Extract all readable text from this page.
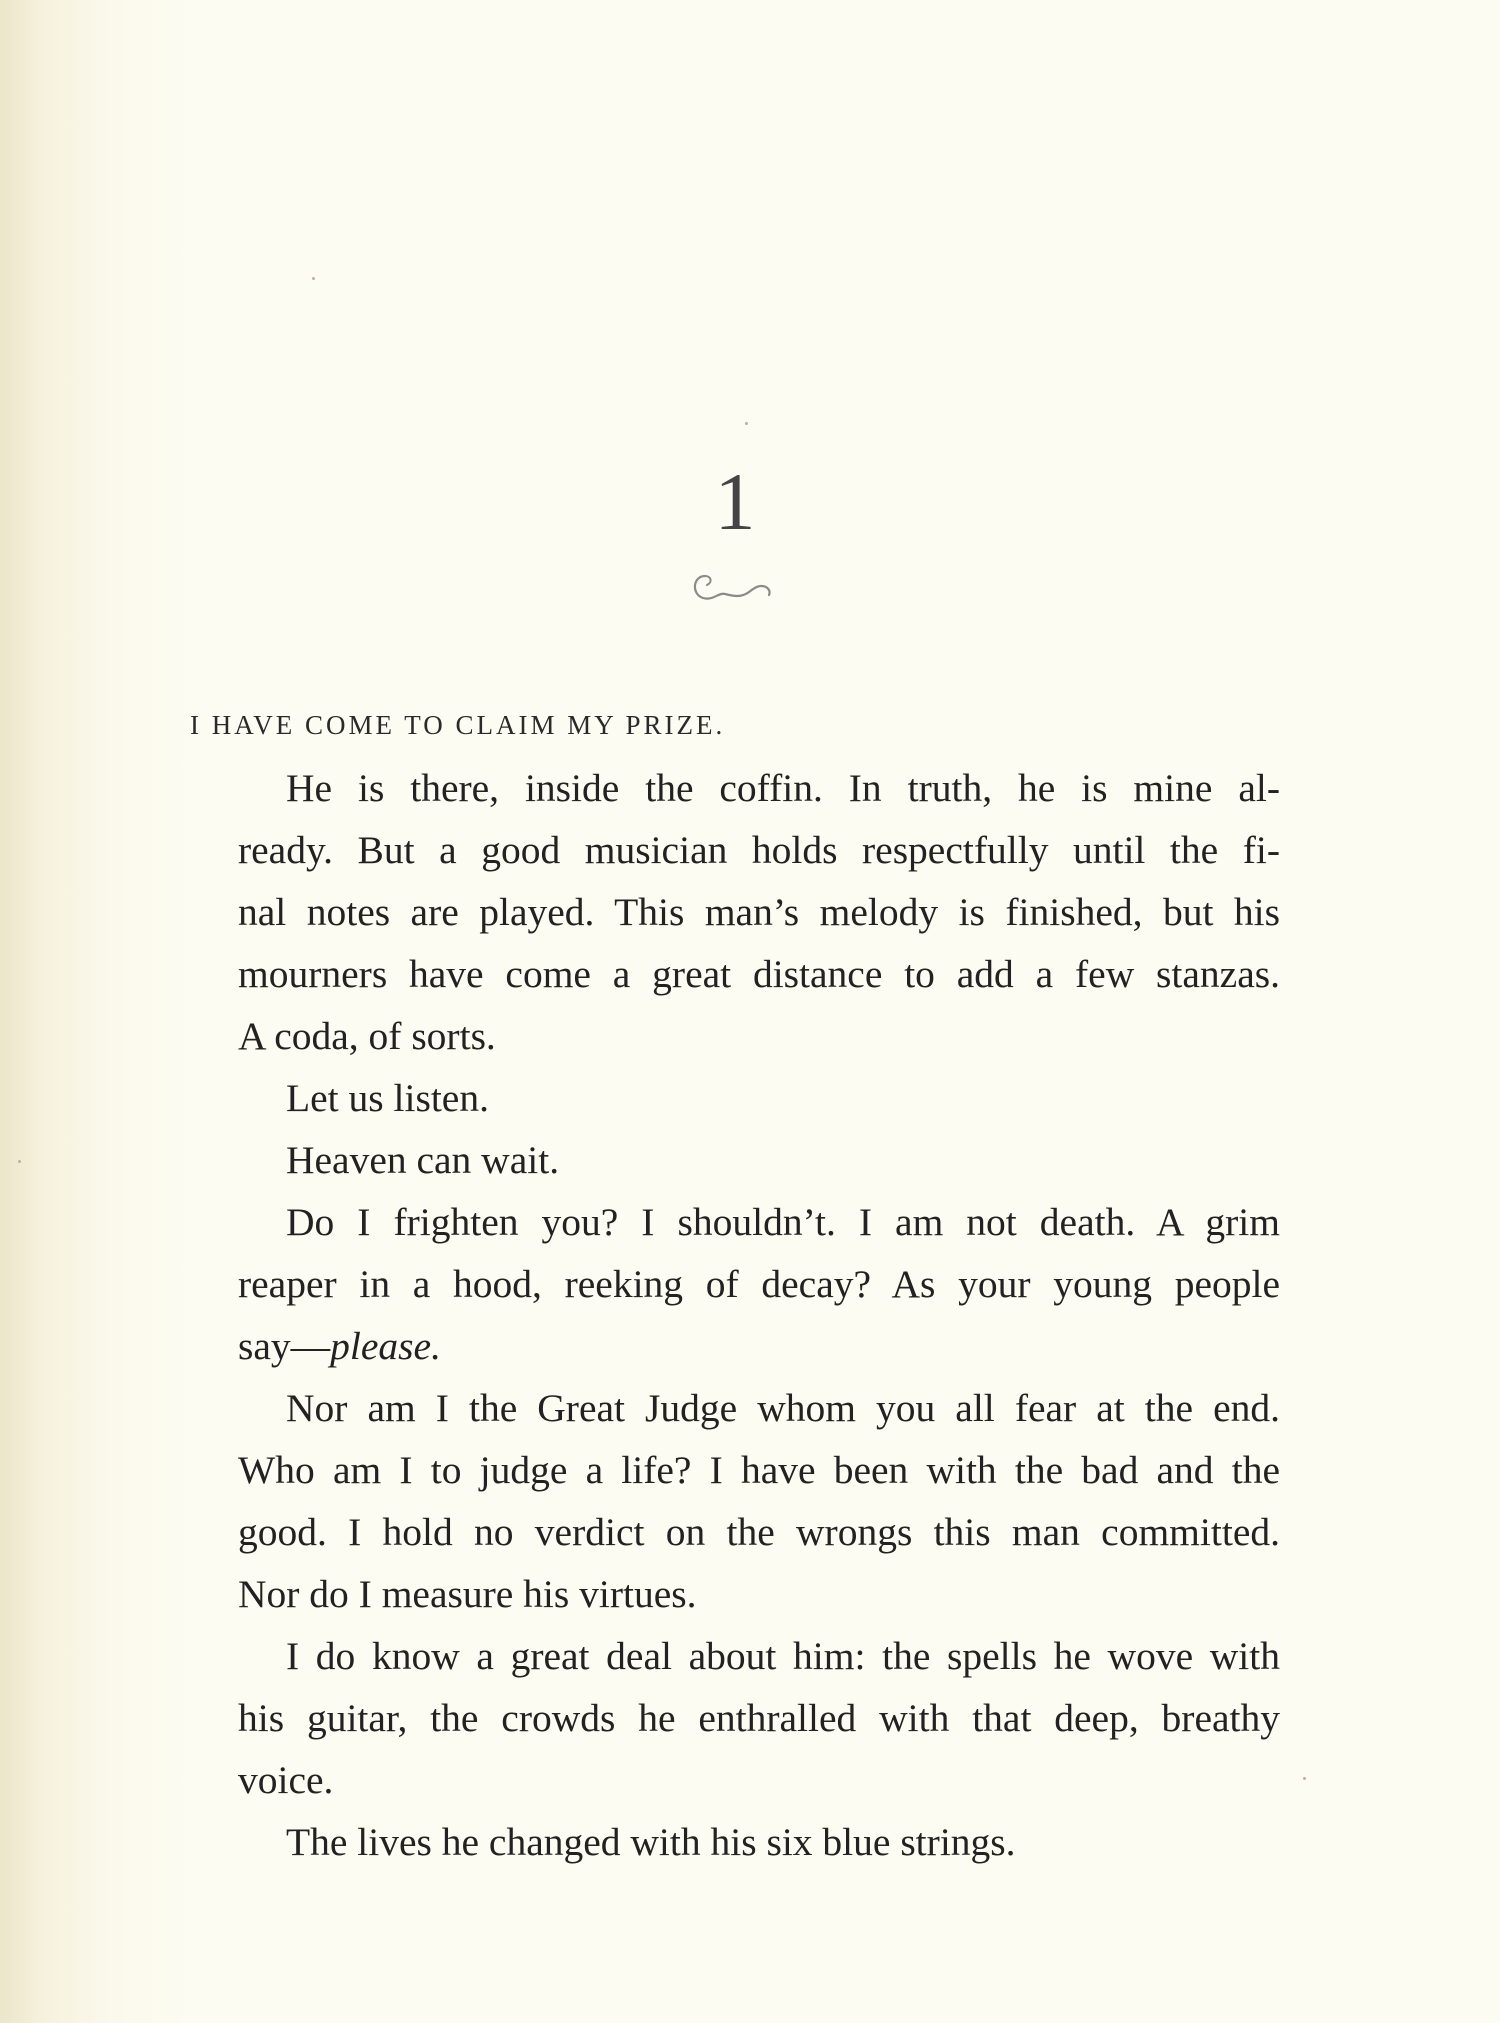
1
I HAVE COME TO CLAIM MY PRIZE.
He is there, inside the coffin. In truth, he is mine al-
ready. But a good musician holds respectfully until the fi-
nal notes are played. This man’s melody is finished, but his
mourners have come a great distance to add a few stanzas.
A coda, of sorts.
Let us listen.
Heaven can wait.
Do I frighten you? I shouldn’t. I am not death. A grim
reaper in a hood, reeking of decay? As your young people
say—please.
Nor am I the Great Judge whom you all fear at the end.
Who am I to judge a life? I have been with the bad and the
good. I hold no verdict on the wrongs this man committed.
Nor do I measure his virtues.
I do know a great deal about him: the spells he wove with
his guitar, the crowds he enthralled with that deep, breathy
voice.
The lives he changed with his six blue strings.
